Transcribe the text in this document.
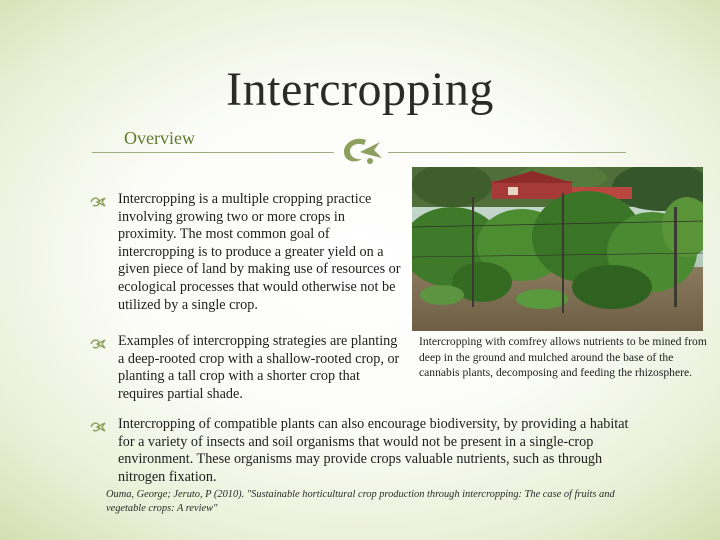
Intercropping
Overview
Intercropping is a multiple cropping practice involving growing two or more crops in proximity. The most common goal of intercropping is to produce a greater yield on a given piece of land by making use of resources or ecological processes that would otherwise not be utilized by a single crop.
Examples of intercropping strategies are planting a deep-rooted crop with a shallow-rooted crop, or planting a tall crop with a shorter crop that requires partial shade.
Intercropping of compatible plants can also encourage biodiversity, by providing a habitat for a variety of insects and soil organisms that would not be present in a single-crop environment. These organisms may provide crops valuable nutrients, such as through nitrogen fixation.
Intercropping with comfrey allows nutrients to be mined from deep in the ground and mulched around the base of the cannabis plants, decomposing and feeding the rhizosphere.
Ouma, George; Jeruto, P (2010). "Sustainable horticultural crop production through intercropping: The case of fruits and vegetable crops: A review"
